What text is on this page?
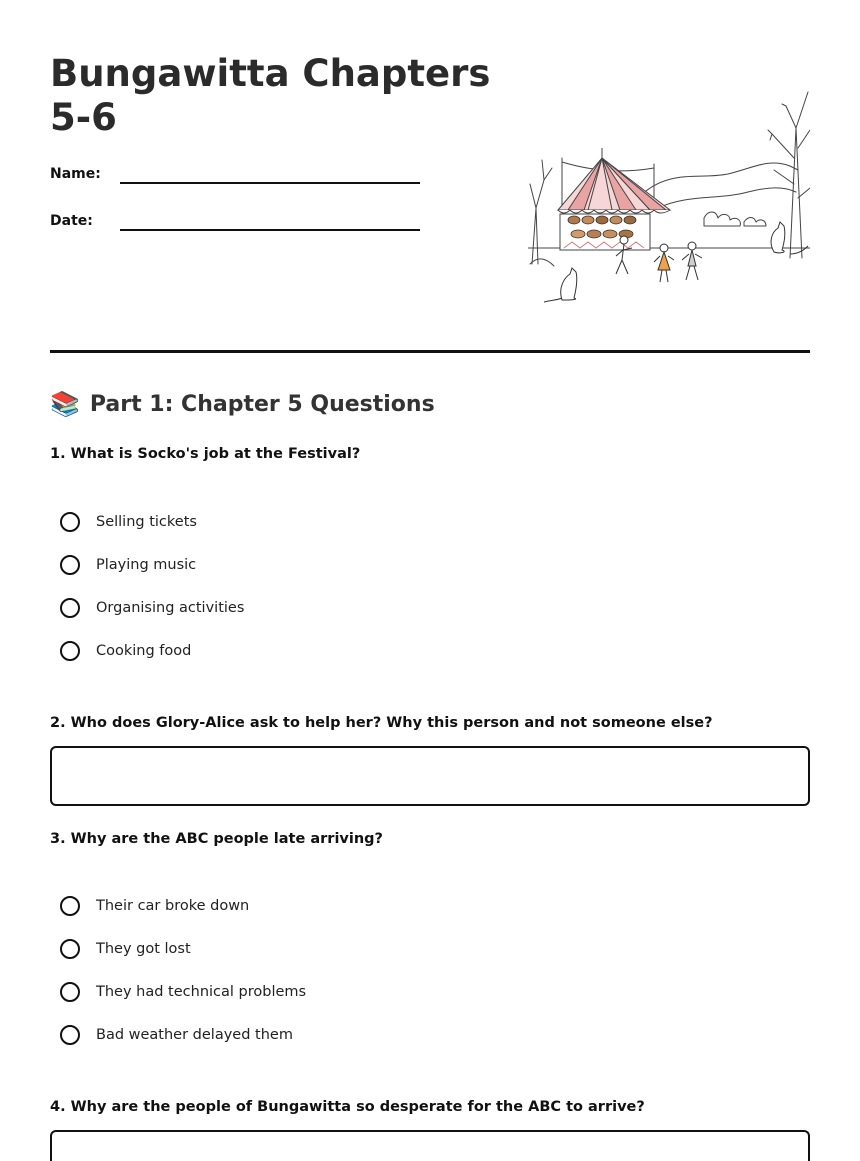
Bungawitta Chapters 5-6
Name:
Date:
📚 Part 1: Chapter 5 Questions
1. What is Socko's job at the Festival?
Selling tickets
Playing music
Organising activities
Cooking food
2. Who does Glory-Alice ask to help her? Why this person and not someone else?
3. Why are the ABC people late arriving?
Their car broke down
They got lost
They had technical problems
Bad weather delayed them
4. Why are the people of Bungawitta so desperate for the ABC to arrive?
